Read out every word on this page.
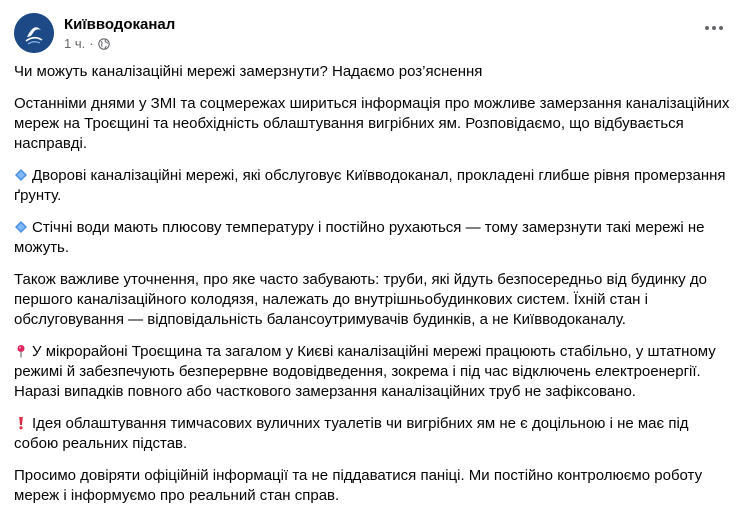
Київводоканал
1 ч. ·

Чи можуть каналізаційні мережі замерзнути? Надаємо роз’яснення

Останніми днями у ЗМІ та соцмережах шириться інформація про можливе замерзання каналізаційних мереж на Троєщині та необхідність облаштування вигрібних ям. Розповідаємо, що відбувається насправді.

Дворові каналізаційні мережі, які обслуговує Київводоканал, прокладені глибше рівня промерзання ґрунту.

Стічні води мають плюсову температуру і постійно рухаються — тому замерзнути такі мережі не можуть.

Також важливе уточнення, про яке часто забувають: труби, які йдуть безпосередньо від будинку до першого каналізаційного колодязя, належать до внутрішньобудинкових систем. Їхній стан і обслуговування — відповідальність балансоутримувачів будинків, а не Київводоканалу.

У мікрорайоні Троєщина та загалом у Києві каналізаційні мережі працюють стабільно, у штатному режимі й забезпечують безперервне водовідведення, зокрема і під час відключень електроенергії. Наразі випадків повного або часткового замерзання каналізаційних труб не зафіксовано.

Ідея облаштування тимчасових вуличних туалетів чи вигрібних ям не є доцільною і не має під собою реальних підстав.

Просимо довіряти офіційній інформації та не піддаватися паніці. Ми постійно контролюємо роботу мереж і інформуємо про реальний стан справ.
